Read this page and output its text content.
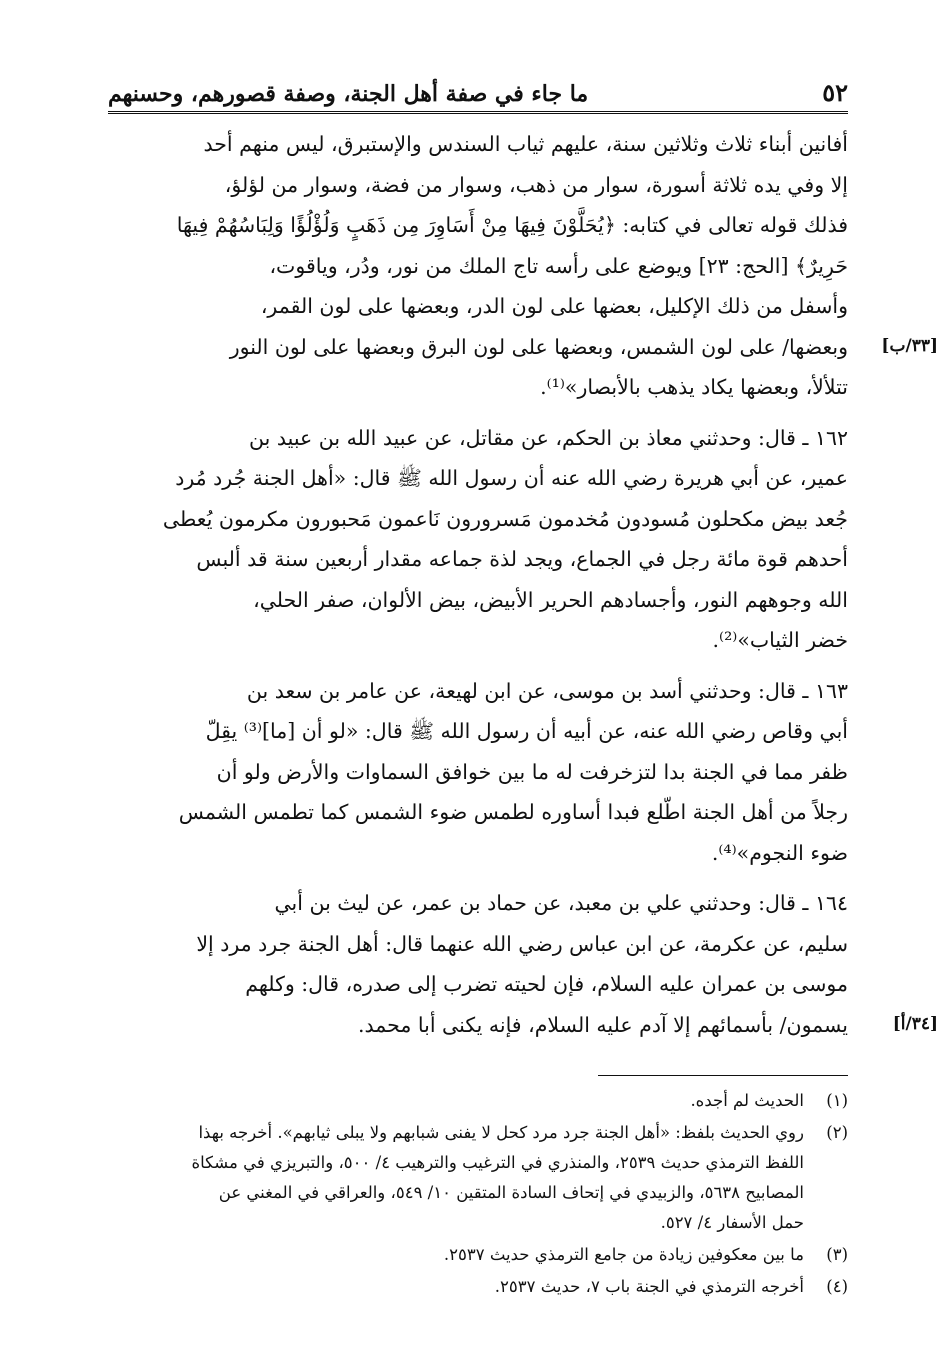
٥٢
ما جاء في صفة أهل الجنة، وصفة قصورهم، وحسنهم

أفانين أبناء ثلاث وثلاثين سنة، عليهم ثياب السندس والإستبرق، ليس منهم أحد
إلا وفي يده ثلاثة أسورة، سوار من ذهب، وسوار من فضة، وسوار من لؤلؤ،
فذلك قوله تعالى في كتابه: ﴿يُحَلَّوْنَ فِيهَا مِنْ أَسَاوِرَ مِن ذَهَبٍ وَلُؤْلُؤًا وَلِبَاسُهُمْ فِيهَا
حَرِيرٌ﴾ [الحج: ٢٣] ويوضع على رأسه تاج الملك من نور، ودُر، وياقوت،
وأسفل من ذلك الإكليل، بعضها على لون الدر، وبعضها على لون القمر،
[٣٣/ب]
وبعضها/ على لون الشمس، وبعضها على لون البرق وبعضها على لون النور
تتلألأ، وبعضها يكاد يذهب بالأبصار»⁽¹⁾.

١٦٢ ـ قال: وحدثني معاذ بن الحكم، عن مقاتل، عن عبيد الله بن عبيد بن
عمير، عن أبي هريرة رضي الله عنه أن رسول الله ﷺ قال: «أهل الجنة جُرد مُرد
جُعد بيض مكحلون مُسودون مُخدمون مَسرورون نَاعمون مَحبورون مكرمون يُعطى
أحدهم قوة مائة رجل في الجماع، ويجد لذة جماعه مقدار أربعين سنة قد ألبس
الله وجوههم النور، وأجسادهم الحرير الأبيض، بيض الألوان، صفر الحلي،
خضر الثياب»⁽²⁾.

١٦٣ ـ قال: وحدثني أسد بن موسى، عن ابن لهيعة، عن عامر بن سعد بن
أبي وقاص رضي الله عنه، عن أبيه أن رسول الله ﷺ قال: «لو أن [ما]⁽³⁾ يقِلّ
ظفر مما في الجنة بدا لتزخرفت له ما بين خوافق السماوات والأرض ولو أن
رجلاً من أهل الجنة اطّلع فبدا أساوره لطمس ضوء الشمس كما تطمس الشمس
ضوء النجوم»⁽⁴⁾.

١٦٤ ـ قال: وحدثني علي بن معبد، عن حماد بن عمر، عن ليث بن أبي
سليم، عن عكرمة، عن ابن عباس رضي الله عنهما قال: أهل الجنة جرد مرد إلا
موسى بن عمران عليه السلام، فإن لحيته تضرب إلى صدره، قال: وكلهم
[٣٤/أ]
يسمون/ بأسمائهم إلا آدم عليه السلام، فإنه يكنى أبا محمد.

(١)
الحديث لم أجده.
(٢)
روي الحديث بلفظ: «أهل الجنة جرد مرد كحل لا يفنى شبابهم ولا يبلى ثيابهم». أخرجه بهذا
اللفظ الترمذي حديث ٢٥٣٩، والمنذري في الترغيب والترهيب ٤/ ٥٠٠، والتبريزي في مشكاة
المصابيح ٥٦٣٨، والزبيدي في إتحاف السادة المتقين ١٠/ ٥٤٩، والعراقي في المغني عن
حمل الأسفار ٤/ ٥٢٧.
(٣)
ما بين معكوفين زيادة من جامع الترمذي حديث ٢٥٣٧.
(٤)
أخرجه الترمذي في الجنة باب ٧، حديث ٢٥٣٧.
